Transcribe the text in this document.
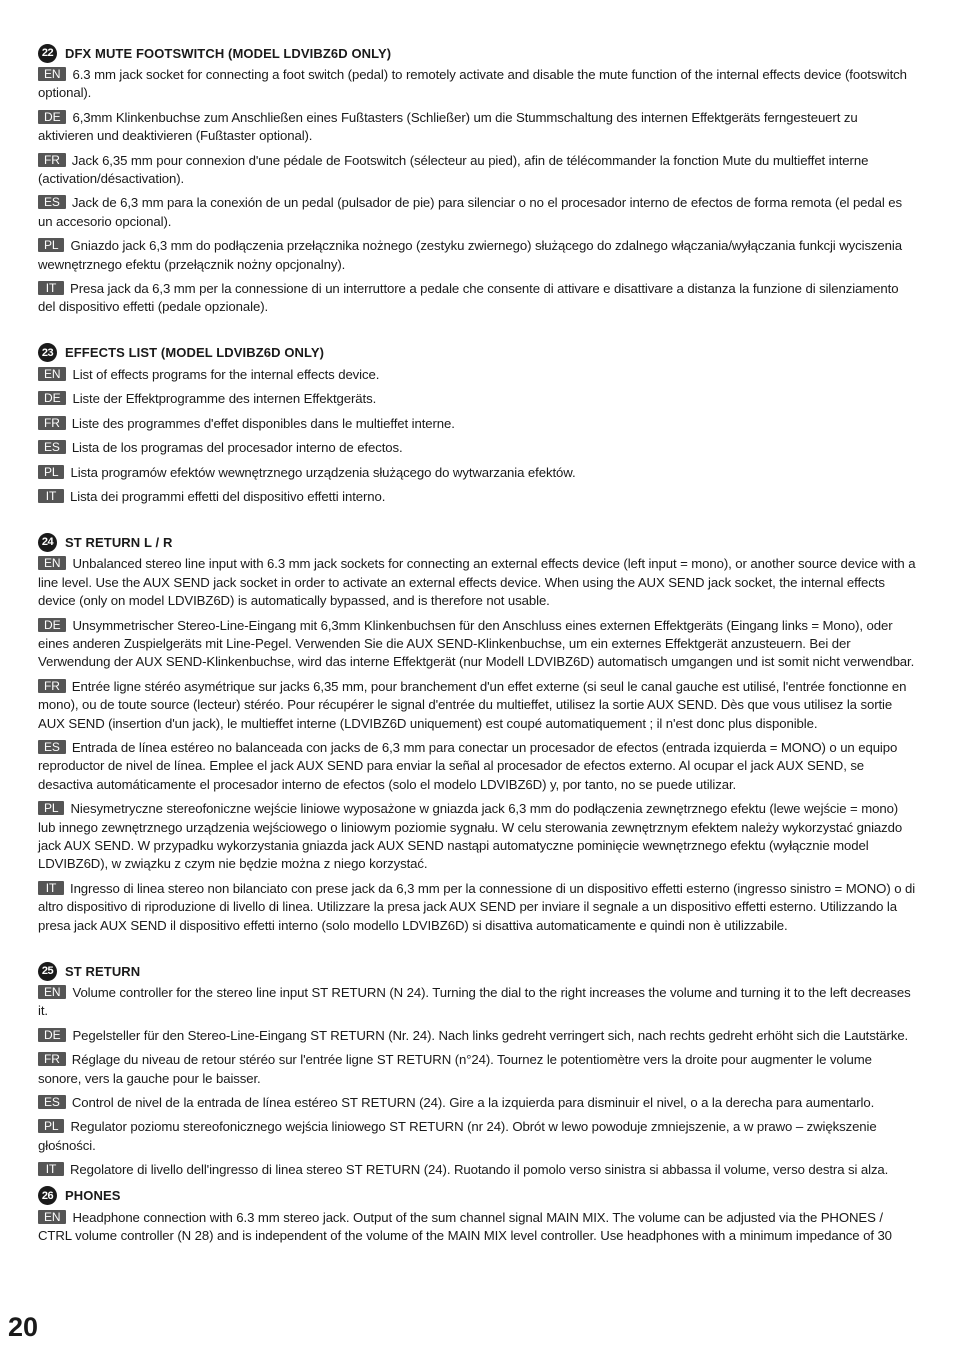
22 DFX MUTE FOOTSWITCH (MODEL LDVIBZ6D ONLY)

EN 6.3 mm jack socket for connecting a foot switch (pedal) to remotely activate and disable the mute function of the internal effects device (footswitch optional).

DE 6,3mm Klinkenbuchse zum Anschließen eines Fußtasters (Schließer) um die Stummschaltung des internen Effektgeräts ferngesteuert zu aktivieren und deaktivieren (Fußtaster optional).

FR Jack 6,35 mm pour connexion d'une pédale de Footswitch (sélecteur au pied), afin de télécommander la fonction Mute du multieffet interne (activation/désactivation).

ES Jack de 6,3 mm para la conexión de un pedal (pulsador de pie) para silenciar o no el procesador interno de efectos de forma remota (el pedal es un accesorio opcional).

PL Gniazdo jack 6,3 mm do podłączenia przełącznika nożnego (zestyku zwiernego) służącego do zdalnego włączania/wyłączania funkcji wyciszenia wewnętrznego efektu (przełącznik nożny opcjonalny).

IT Presa jack da 6,3 mm per la connessione di un interruttore a pedale che consente di attivare e disattivare a distanza la funzione di silenziamento del dispositivo effetti (pedale opzionale).

23 EFFECTS LIST (MODEL LDVIBZ6D ONLY)

EN List of effects programs for the internal effects device.

DE Liste der Effektprogramme des internen Effektgeräts.

FR Liste des programmes d'effet disponibles dans le multieffet interne.

ES Lista de los programas del procesador interno de efectos.

PL Lista programów efektów wewnętrznego urządzenia służącego do wytwarzania efektów.

IT Lista dei programmi effetti del dispositivo effetti interno.

24 ST RETURN L / R

EN Unbalanced stereo line input with 6.3 mm jack sockets for connecting an external effects device (left input = mono), or another source device with a line level. Use the AUX SEND jack socket in order to activate an external effects device. When using the AUX SEND jack socket, the internal effects device (only on model LDVIBZ6D) is automatically bypassed, and is therefore not usable.

DE Unsymmetrischer Stereo-Line-Eingang mit 6,3mm Klinkenbuchsen für den Anschluss eines externen Effektgeräts (Eingang links = Mono), oder eines anderen Zuspielgeräts mit Line-Pegel. Verwenden Sie die AUX SEND-Klinkenbuchse, um ein externes Effektgerät anzusteuern. Bei der Verwendung der AUX SEND-Klinkenbuchse, wird das interne Effektgerät (nur Modell LDVIBZ6D) automatisch umgangen und ist somit nicht verwendbar.

FR Entrée ligne stéréo asymétrique sur jacks 6,35 mm, pour branchement d'un effet externe (si seul le canal gauche est utilisé, l'entrée fonctionne en mono), ou de toute source (lecteur) stéréo. Pour récupérer le signal d'entrée du multieffet, utilisez la sortie AUX SEND. Dès que vous utilisez la sortie AUX SEND (insertion d'un jack), le multieffet interne (LDVIBZ6D uniquement) est coupé automatiquement ; il n'est donc plus disponible.

ES Entrada de línea estéreo no balanceada con jacks de 6,3 mm para conectar un procesador de efectos (entrada izquierda = MONO) o un equipo reproductor de nivel de línea. Emplee el jack AUX SEND para enviar la señal al procesador de efectos externo. Al ocupar el jack AUX SEND, se desactiva automáticamente el procesador interno de efectos (solo el modelo LDVIBZ6D) y, por tanto, no se puede utilizar.

PL Niesymetryczne stereofoniczne wejście liniowe wyposażone w gniazda jack 6,3 mm do podłączenia zewnętrznego efektu (lewe wejście = mono) lub innego zewnętrznego urządzenia wejściowego o liniowym poziomie sygnału. W celu sterowania zewnętrznym efektem należy wykorzystać gniazdo jack AUX SEND. W przypadku wykorzystania gniazda jack AUX SEND nastąpi automatyczne pominięcie wewnętrznego efektu (wyłącznie model LDVIBZ6D), w związku z czym nie będzie można z niego korzystać.

IT Ingresso di linea stereo non bilanciato con prese jack da 6,3 mm per la connessione di un dispositivo effetti esterno (ingresso sinistro = MONO) o di altro dispositivo di riproduzione di livello di linea. Utilizzare la presa jack AUX SEND per inviare il segnale a un dispositivo effetti esterno. Utilizzando la presa jack AUX SEND il dispositivo effetti interno (solo modello LDVIBZ6D) si disattiva automaticamente e quindi non è utilizzabile.

25 ST RETURN

EN Volume controller for the stereo line input ST RETURN (N 24). Turning the dial to the right increases the volume and turning it to the left decreases it.

DE Pegelsteller für den Stereo-Line-Eingang ST RETURN (Nr. 24). Nach links gedreht verringert sich, nach rechts gedreht erhöht sich die Lautstärke.

FR Réglage du niveau de retour stéréo sur l'entrée ligne ST RETURN (n°24). Tournez le potentiomètre vers la droite pour augmenter le volume sonore, vers la gauche pour le baisser.

ES Control de nivel de la entrada de línea estéreo ST RETURN (24). Gire a la izquierda para disminuir el nivel, o a la derecha para aumentarlo.

PL Regulator poziomu stereofonicznego wejścia liniowego ST RETURN (nr 24). Obrót w lewo powoduje zmniejszenie, a w prawo – zwiększenie głośności.

IT Regolatore di livello dell'ingresso di linea stereo ST RETURN (24). Ruotando il pomolo verso sinistra si abbassa il volume, verso destra si alza.

26 PHONES

EN Headphone connection with 6.3 mm stereo jack. Output of the sum channel signal MAIN MIX. The volume can be adjusted via the PHONES / CTRL volume controller (N 28) and is independent of the volume of the MAIN MIX level controller. Use headphones with a minimum impedance of 30

20
